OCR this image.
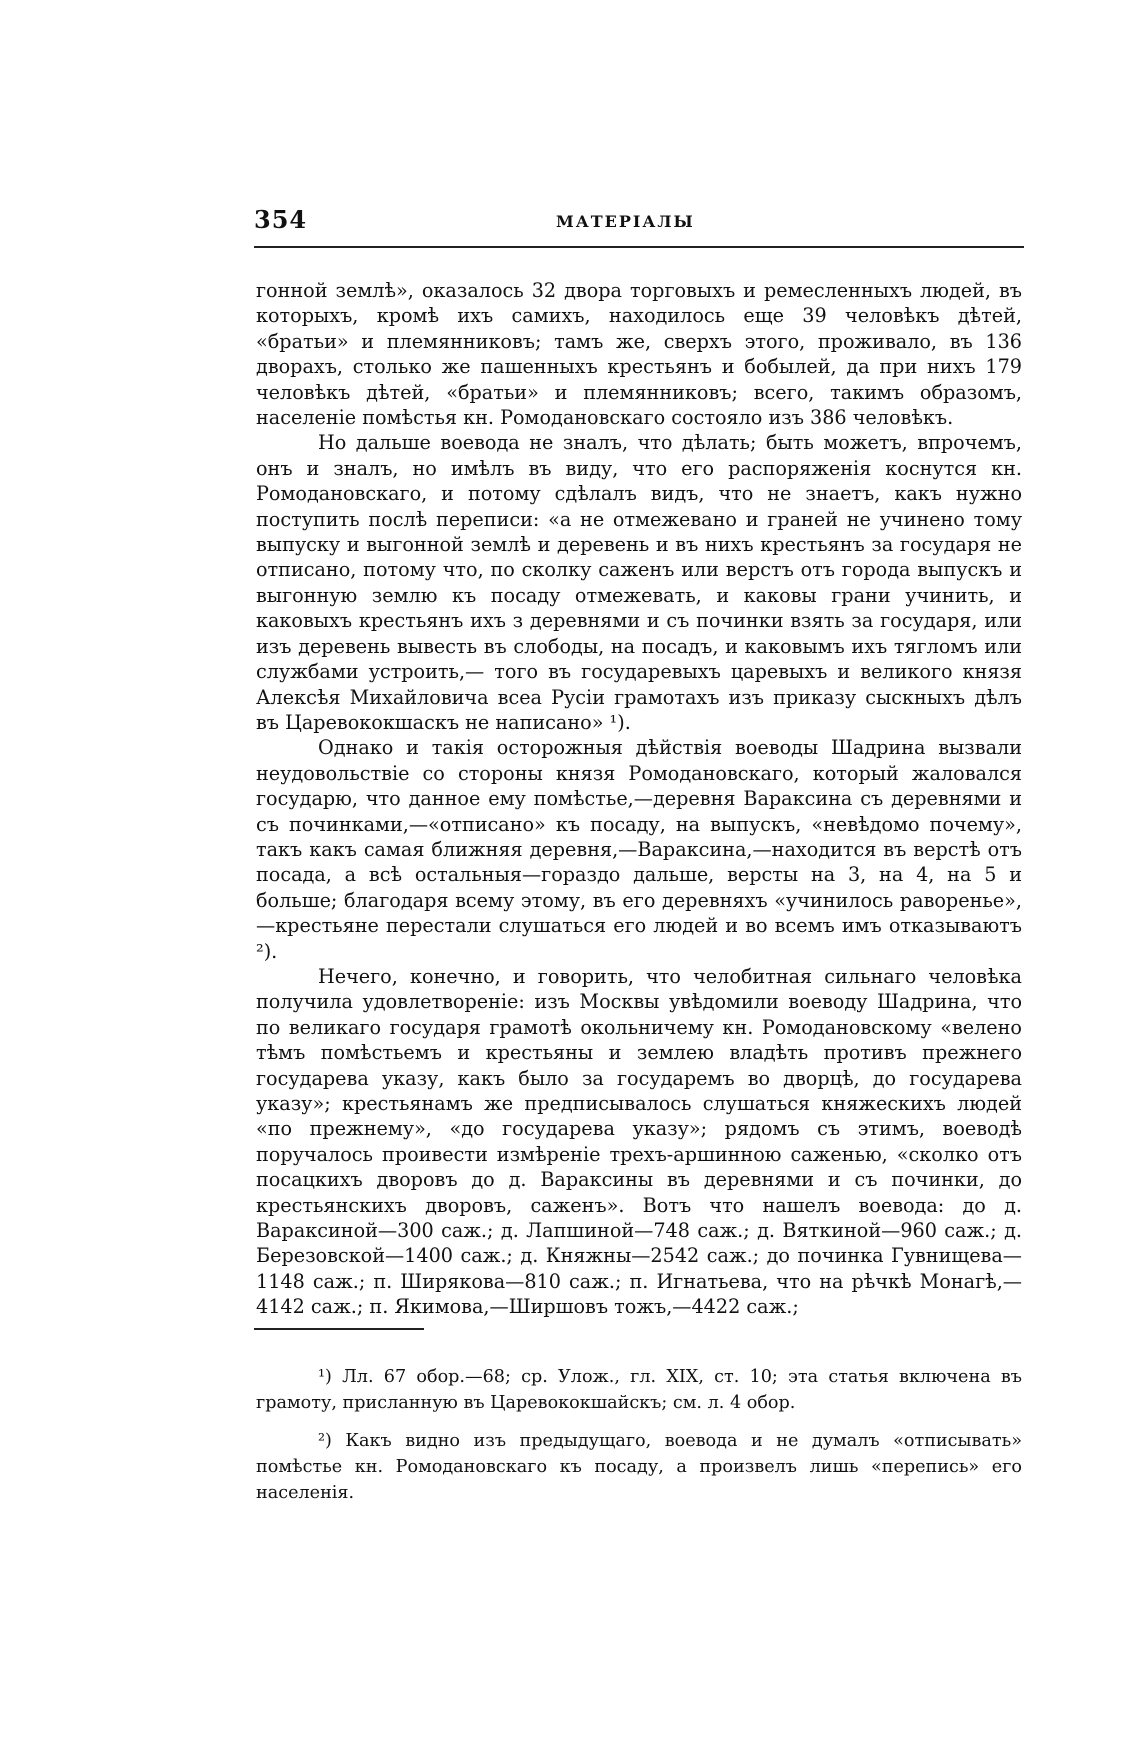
354	МАТЕРІАЛЫ

гонной землѣ», оказалось 32 двора торговыхъ и ремесленныхъ людей, въ которыхъ, кромѣ ихъ самихъ, находилось еще 39 человѣкъ дѣтей, «братьи» и племянниковъ; тамъ же, сверхъ этого, проживало, въ 136 дворахъ, столько же пашенныхъ крестьянъ и бобылей, да при нихъ 179 человѣкъ дѣтей, «братьи» и племянниковъ; всего, такимъ образомъ, населеніе помѣстья кн. Ромодановскаго состояло изъ 386 человѣкъ.

Но дальше воевода не зналъ, что дѣлать; быть можетъ, впрочемъ, онъ и зналъ, но имѣлъ въ виду, что его распоряженія коснутся кн. Ромодановскаго, и потому сдѣлалъ видъ, что не знаетъ, какъ нужно поступить послѣ переписи: «а не отмежевано и граней не учинено тому выпуску и выгонной землѣ и деревень и въ нихъ крестьянъ за государя не отписано, потому что, по сколку саженъ или верстъ отъ города выпускъ и выгонную землю къ посаду отмежевать, и каковы грани учинить, и каковыхъ крестьянъ ихъ з деревнями и съ починки взять за государя, или изъ деревень вывесть въ слободы, на посадъ, и каковымъ ихъ тягломъ или службами устроить,— того въ государевыхъ царевыхъ и великого князя Алексѣя Михайловича всеа Русіи грамотахъ изъ приказу сыскныхъ дѣлъ въ Царевококшаскъ не написано» ¹).

Однако и такія осторожныя дѣйствія воеводы Шадрина вызвали неудовольствіе со стороны князя Ромодановскаго, который жаловался государю, что данное ему помѣстье,—деревня Вараксина съ деревнями и съ починками,—«отписано» къ посаду, на выпускъ, «невѣдомо почему», такъ какъ самая ближняя деревня,—Вараксина,—находится въ верстѣ отъ посада, а всѣ остальныя—гораздо дальше, версты на 3, на 4, на 5 и больше; благодаря всему этому, въ его деревняхъ «учинилось раворенье»,—крестьяне перестали слушаться его людей и во всемъ имъ отказываютъ ²).

Нечего, конечно, и говорить, что челобитная сильнаго человѣка получила удовлетвореніе: изъ Москвы увѣдомили воеводу Шадрина, что по великаго государя грамотѣ окольничему кн. Ромодановскому «велено тѣмъ помѣстьемъ и крестьяны и землею владѣть противъ прежнего государева указу, какъ было за государемъ во дворцѣ, до государева указу»; крестьянамъ же предписывалось слушаться княжескихъ людей «по прежнему», «до государева указу»; рядомъ съ этимъ, воеводѣ поручалось проивести измѣреніе трехъ-аршинною саженью, «сколко отъ посацкихъ дворовъ до д. Вараксины въ деревнями и съ починки, до крестьянскихъ дворовъ, саженъ». Вотъ что нашелъ воевода: до д. Вараксиной—300 саж.; д. Лапшиной—748 саж.; д. Вяткиной—960 саж.; д. Березовской—1400 саж.; д. Княжны—2542 саж.; до починка Гувнищева—1148 саж.; п. Ширякова—810 саж.; п. Игнатьева, что на рѣчкѣ Монагѣ,—4142 саж.; п. Якимова,—Ширшовъ тожъ,—4422 саж.;

¹) Лл. 67 обор.—68; ср. Улож., гл. XIX, ст. 10; эта статья включена въ грамоту, присланную въ Царевококшайскъ; см. л. 4 обор.

²) Какъ видно изъ предыдущаго, воевода и не думалъ «отписывать» помѣстье кн. Ромодановскаго къ посаду, а произвелъ лишь «перепись» его населенія.
